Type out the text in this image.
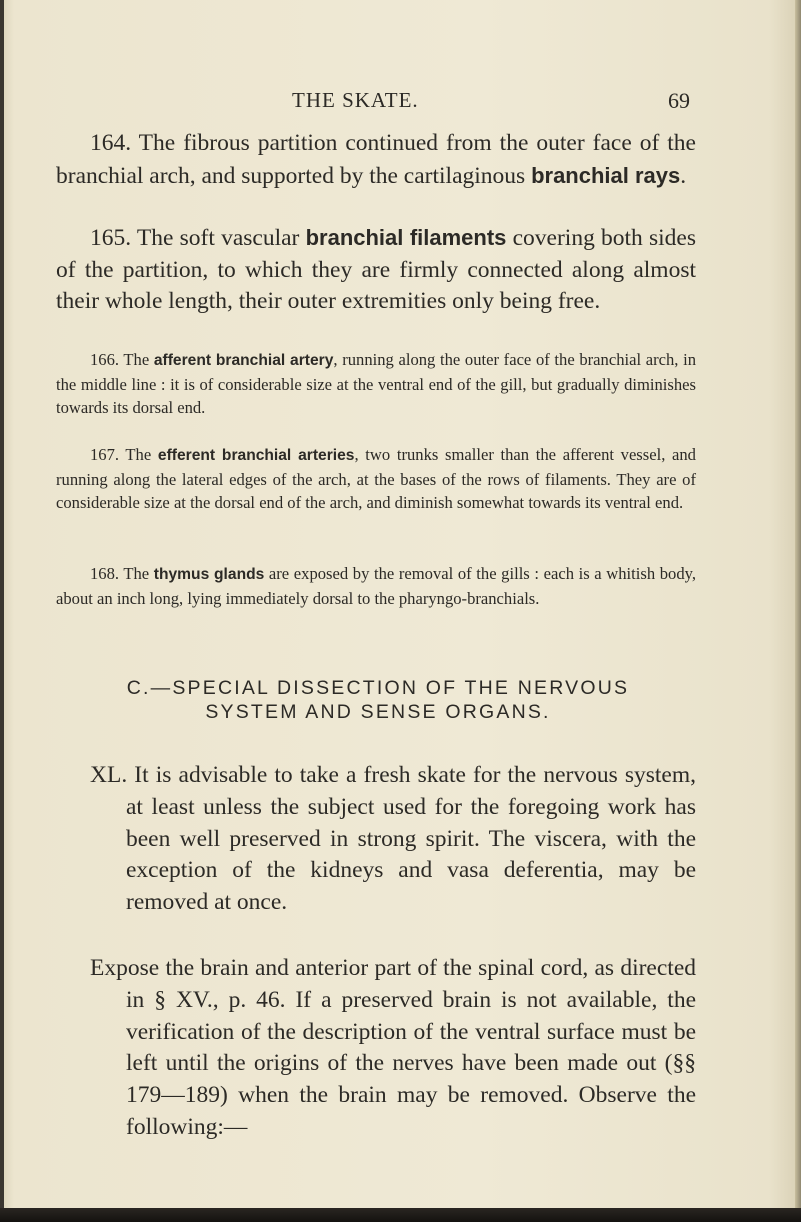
THE SKATE.	69

164. The fibrous partition continued from the outer face of the branchial arch, and supported by the cartilaginous branchial rays.

165. The soft vascular branchial filaments covering both sides of the partition, to which they are firmly connected along almost their whole length, their outer extremities only being free.

166. The afferent branchial artery, running along the outer face of the branchial arch, in the middle line : it is of considerable size at the ventral end of the gill, but gradually diminishes towards its dorsal end.

167. The efferent branchial arteries, two trunks smaller than the afferent vessel, and running along the lateral edges of the arch, at the bases of the rows of filaments. They are of considerable size at the dorsal end of the arch, and diminish somewhat towards its ventral end.

168. The thymus glands are exposed by the removal of the gills : each is a whitish body, about an inch long, lying immediately dorsal to the pharyngo-branchials.

C.—SPECIAL DISSECTION OF THE NERVOUS
SYSTEM AND SENSE ORGANS.

XL. It is advisable to take a fresh skate for the nervous system, at least unless the subject used for the foregoing work has been well preserved in strong spirit. The viscera, with the exception of the kidneys and vasa deferentia, may be removed at once.

Expose the brain and anterior part of the spinal cord, as directed in § XV., p. 46. If a preserved brain is not available, the verification of the description of the ventral surface must be left until the origins of the nerves have been made out (§§ 179—189) when the brain may be removed. Observe the following:—
